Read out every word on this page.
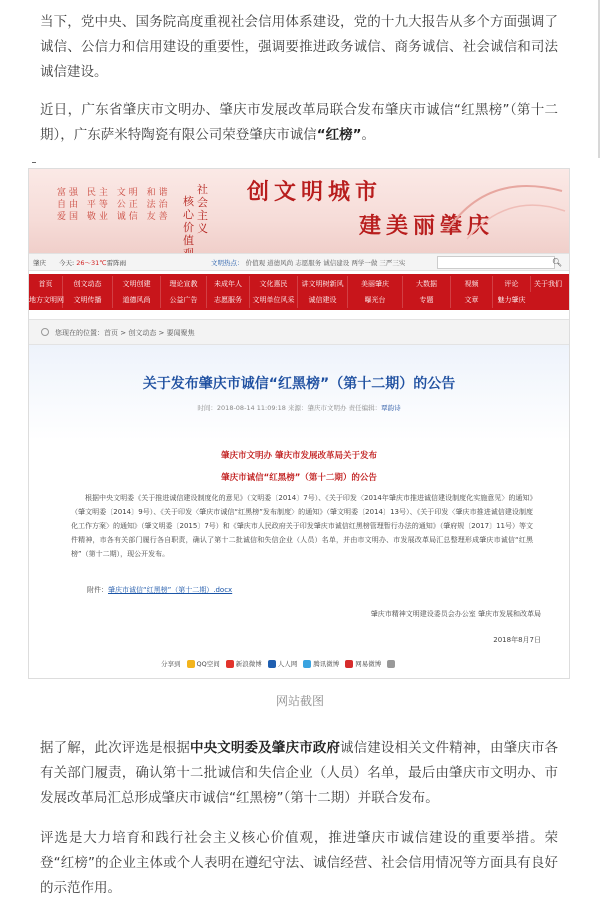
当下，党中央、国务院高度重视社会信用体系建设，党的十九大报告从多个方面强调了诚信、公信力和信用建设的重要性，强调要推进政务诚信、商务诚信、社会诚信和司法诚信建设。

近日，广东省肇庆市文明办、肇庆市发展改革局联合发布肇庆市诚信“红黑榜”（第十二期），广东萨米特陶瓷有限公司荣登肇庆市诚信“红榜”。

富强 民主 文明 和谐 自由 平等 公正 法治 爱国 敬业 诚信 友善
核
心
价
值

社
会
主
义
创文明城市
建美丽肇庆
肇庆 今天: 26～31℃雷阵雨	文明热点： 价值观 道德风尚 志愿服务 诚信建设 两学一做 三严三实	🔍︎
首页	创文动态	文明创建	理论宣教	未成年人	文化惠民	讲文明树新风	美丽肇庆	大数据	视频	评论	关于我们
地方文明网	文明传播	道德风尚	公益广告	志愿服务	文明单位风采	诚信建设	曝光台	专题	文章	魅力肇庆
您现在的位置：首页 > 创文动态 > 要闻聚焦
关于发布肇庆市诚信“红黑榜”（第十二期）的公告
时间：2018-08-14 11:09:18 来源：肇庆市文明办 责任编辑：覃韵诗
肇庆市文明办 肇庆市发展改革局关于发布
肇庆市诚信“红黑榜”（第十二期）的公告
根据中央文明委《关于推进诚信建设制度化的意见》（文明委〔2014〕7号）、《关于印发〈2014年肇庆市推进诚信建设制度化实施意见〉的通知》（肇文明委〔2014〕9号）、《关于印发〈肇庆市诚信“红黑榜”发布制度〉的通知》（肇文明委〔2014〕13号）、《关于印发〈肇庆市推进诚信建设制度化工作方案〉的通知》（肇文明委〔2015〕7号）和《肇庆市人民政府关于印发肇庆市诚信红黑榜管理暂行办法的通知》（肇府规〔2017〕11号）等文件精神，市各有关部门履行各自职责，确认了第十二批诚信和失信企业（人员）名单，并由市文明办、市发展改革局汇总整理形成肇庆市诚信“红黑榜”（第十二期），现公开发布。
附件：肇庆市诚信“红黑榜”（第十二期）.docx
肇庆市精神文明建设委员会办公室 肇庆市发展和改革局
2018年8月7日
分享到	QQ空间	新浪微博	人人网	腾讯微博	网易微博
网站截图

据了解，此次评选是根据中央文明委及肇庆市政府诚信建设相关文件精神，由肇庆市各有关部门履责，确认第十二批诚信和失信企业（人员）名单，最后由肇庆市文明办、市发展改革局汇总形成肇庆市诚信“红黑榜”（第十二期）并联合发布。

评选是大力培育和践行社会主义核心价值观，推进肇庆市诚信建设的重要举措。荣登“红榜”的企业主体或个人表明在遵纪守法、诚信经营、社会信用情况等方面具有良好的示范作用。
